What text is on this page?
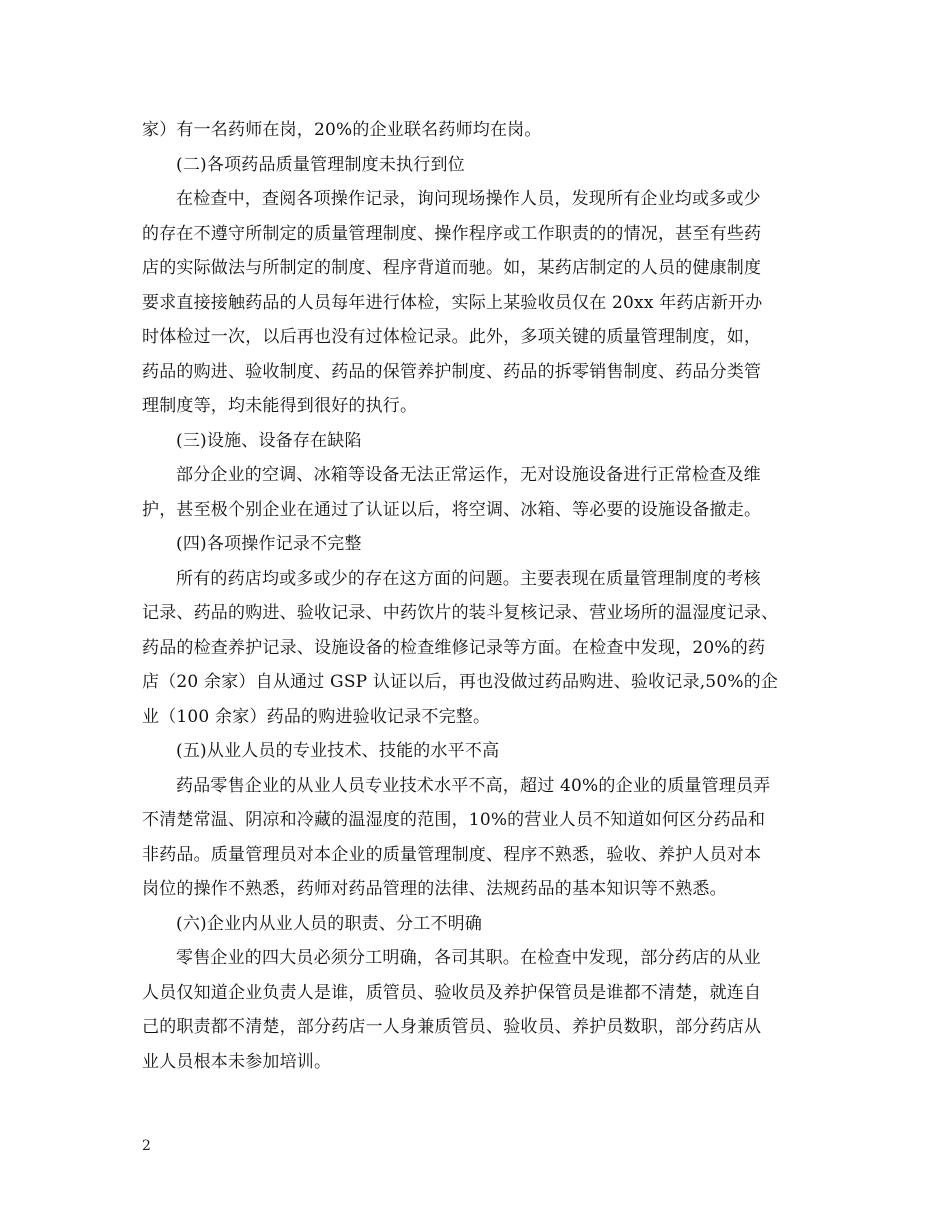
家）有一名药师在岗，20%的企业联名药师均在岗。
(二)各项药品质量管理制度未执行到位
在检查中，查阅各项操作记录，询问现场操作人员，发现所有企业均或多或少
的存在不遵守所制定的质量管理制度、操作程序或工作职责的的情况，甚至有些药
店的实际做法与所制定的制度、程序背道而驰。如，某药店制定的人员的健康制度
要求直接接触药品的人员每年进行体检，实际上某验收员仅在 20xx 年药店新开办
时体检过一次，以后再也没有过体检记录。此外，多项关键的质量管理制度，如，
药品的购进、验收制度、药品的保管养护制度、药品的拆零销售制度、药品分类管
理制度等，均未能得到很好的执行。
(三)设施、设备存在缺陷
部分企业的空调、冰箱等设备无法正常运作，无对设施设备进行正常检查及维
护，甚至极个别企业在通过了认证以后，将空调、冰箱、等必要的设施设备撤走。
(四)各项操作记录不完整
所有的药店均或多或少的存在这方面的问题。主要表现在质量管理制度的考核
记录、药品的购进、验收记录、中药饮片的装斗复核记录、营业场所的温湿度记录、
药品的检查养护记录、设施设备的检查维修记录等方面。在检查中发现，20%的药
店（20 余家）自从通过 GSP 认证以后，再也没做过药品购进、验收记录,50%的企
业（100 余家）药品的购进验收记录不完整。
(五)从业人员的专业技术、技能的水平不高
药品零售企业的从业人员专业技术水平不高，超过 40%的企业的质量管理员弄
不清楚常温、阴凉和冷藏的温湿度的范围，10%的营业人员不知道如何区分药品和
非药品。质量管理员对本企业的质量管理制度、程序不熟悉，验收、养护人员对本
岗位的操作不熟悉，药师对药品管理的法律、法规药品的基本知识等不熟悉。
(六)企业内从业人员的职责、分工不明确
零售企业的四大员必须分工明确，各司其职。在检查中发现，部分药店的从业
人员仅知道企业负责人是谁，质管员、验收员及养护保管员是谁都不清楚，就连自
己的职责都不清楚，部分药店一人身兼质管员、验收员、养护员数职，部分药店从
业人员根本未参加培训。
2
